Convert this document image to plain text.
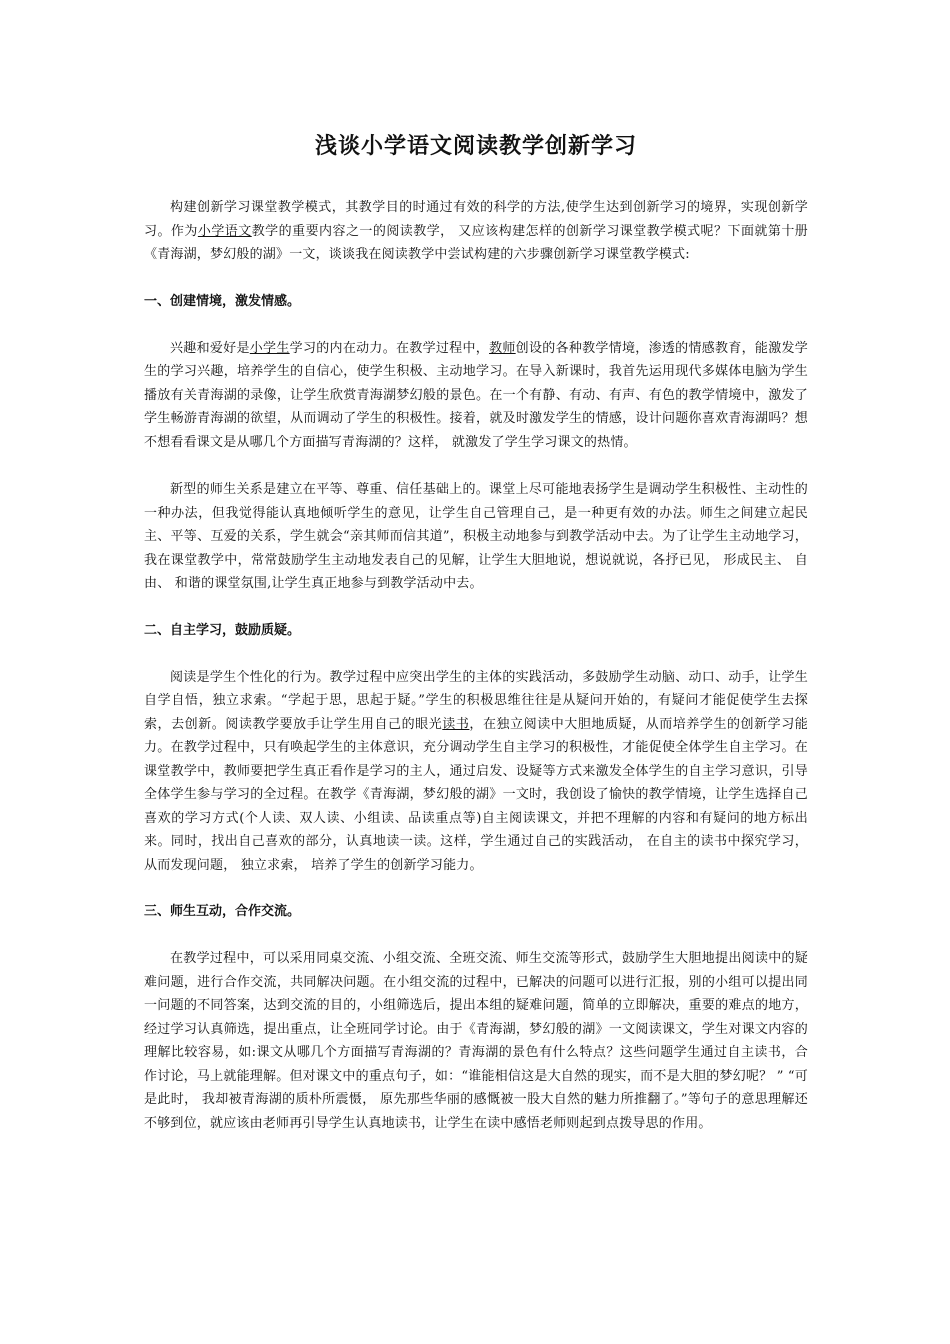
浅谈小学语文阅读教学创新学习

构建创新学习课堂教学模式，其教学目的时通过有效的科学的方法,使学生达到创新学习的境界，实现创新学习。作为小学语文教学的重要内容之一的阅读教学， 又应该构建怎样的创新学习课堂教学模式呢？下面就第十册《青海湖，梦幻般的湖》一文，谈谈我在阅读教学中尝试构建的六步骤创新学习课堂教学模式:

一、创建情境，激发情感。

兴趣和爱好是小学生学习的内在动力。在教学过程中，教师创设的各种教学情境，渗透的情感教育，能激发学生的学习兴趣，培养学生的自信心，使学生积极、主动地学习。在导入新课时，我首先运用现代多媒体电脑为学生播放有关青海湖的录像，让学生欣赏青海湖梦幻般的景色。在一个有静、有动、有声、有色的教学情境中，激发了学生畅游青海湖的欲望，从而调动了学生的积极性。接着，就及时激发学生的情感，设计问题你喜欢青海湖吗？想不想看看课文是从哪几个方面描写青海湖的？这样， 就激发了学生学习课文的热情。

新型的师生关系是建立在平等、尊重、信任基础上的。课堂上尽可能地表扬学生是调动学生积极性、主动性的一种办法，但我觉得能认真地倾听学生的意见，让学生自己管理自己，是一种更有效的办法。师生之间建立起民主、平等、互爱的关系，学生就会“亲其师而信其道”，积极主动地参与到教学活动中去。为了让学生主动地学习，我在课堂教学中，常常鼓励学生主动地发表自己的见解，让学生大胆地说，想说就说，各抒已见， 形成民主、 自由、 和谐的课堂氛围,让学生真正地参与到教学活动中去。

二、自主学习，鼓励质疑。

阅读是学生个性化的行为。教学过程中应突出学生的主体的实践活动，多鼓励学生动脑、动口、动手，让学生自学自悟，独立求索。“学起于思，思起于疑。”学生的积极思维往往是从疑问开始的，有疑问才能促使学生去探索，去创新。阅读教学要放手让学生用自己的眼光读书，在独立阅读中大胆地质疑，从而培养学生的创新学习能力。在教学过程中，只有唤起学生的主体意识，充分调动学生自主学习的积极性，才能促使全体学生自主学习。在课堂教学中，教师要把学生真正看作是学习的主人，通过启发、设疑等方式来激发全体学生的自主学习意识，引导全体学生参与学习的全过程。在教学《青海湖，梦幻般的湖》一文时，我创设了愉快的教学情境，让学生选择自己喜欢的学习方式(个人读、双人读、小组读、品读重点等)自主阅读课文，并把不理解的内容和有疑问的地方标出来。同时，找出自己喜欢的部分，认真地读一读。这样，学生通过自己的实践活动， 在自主的读书中探究学习， 从而发现问题， 独立求索， 培养了学生的创新学习能力。

三、师生互动，合作交流。

在教学过程中，可以采用同桌交流、小组交流、全班交流、师生交流等形式，鼓励学生大胆地提出阅读中的疑难问题，进行合作交流，共同解决问题。在小组交流的过程中，已解决的问题可以进行汇报，别的小组可以提出同一问题的不同答案，达到交流的目的，小组筛选后，提出本组的疑难问题，简单的立即解决，重要的难点的地方，经过学习认真筛选，提出重点，让全班同学讨论。由于《青海湖，梦幻般的湖》一文阅读课文，学生对课文内容的理解比较容易，如:课文从哪几个方面描写青海湖的？青海湖的景色有什么特点？这些问题学生通过自主读书，合作讨论，马上就能理解。但对课文中的重点句子，如：“谁能相信这是大自然的现实，而不是大胆的梦幻呢？ ” “可是此时， 我却被青海湖的质朴所震慑， 原先那些华丽的感慨被一股大自然的魅力所推翻了。”等句子的意思理解还不够到位，就应该由老师再引导学生认真地读书，让学生在读中感悟老师则起到点拨导思的作用。
